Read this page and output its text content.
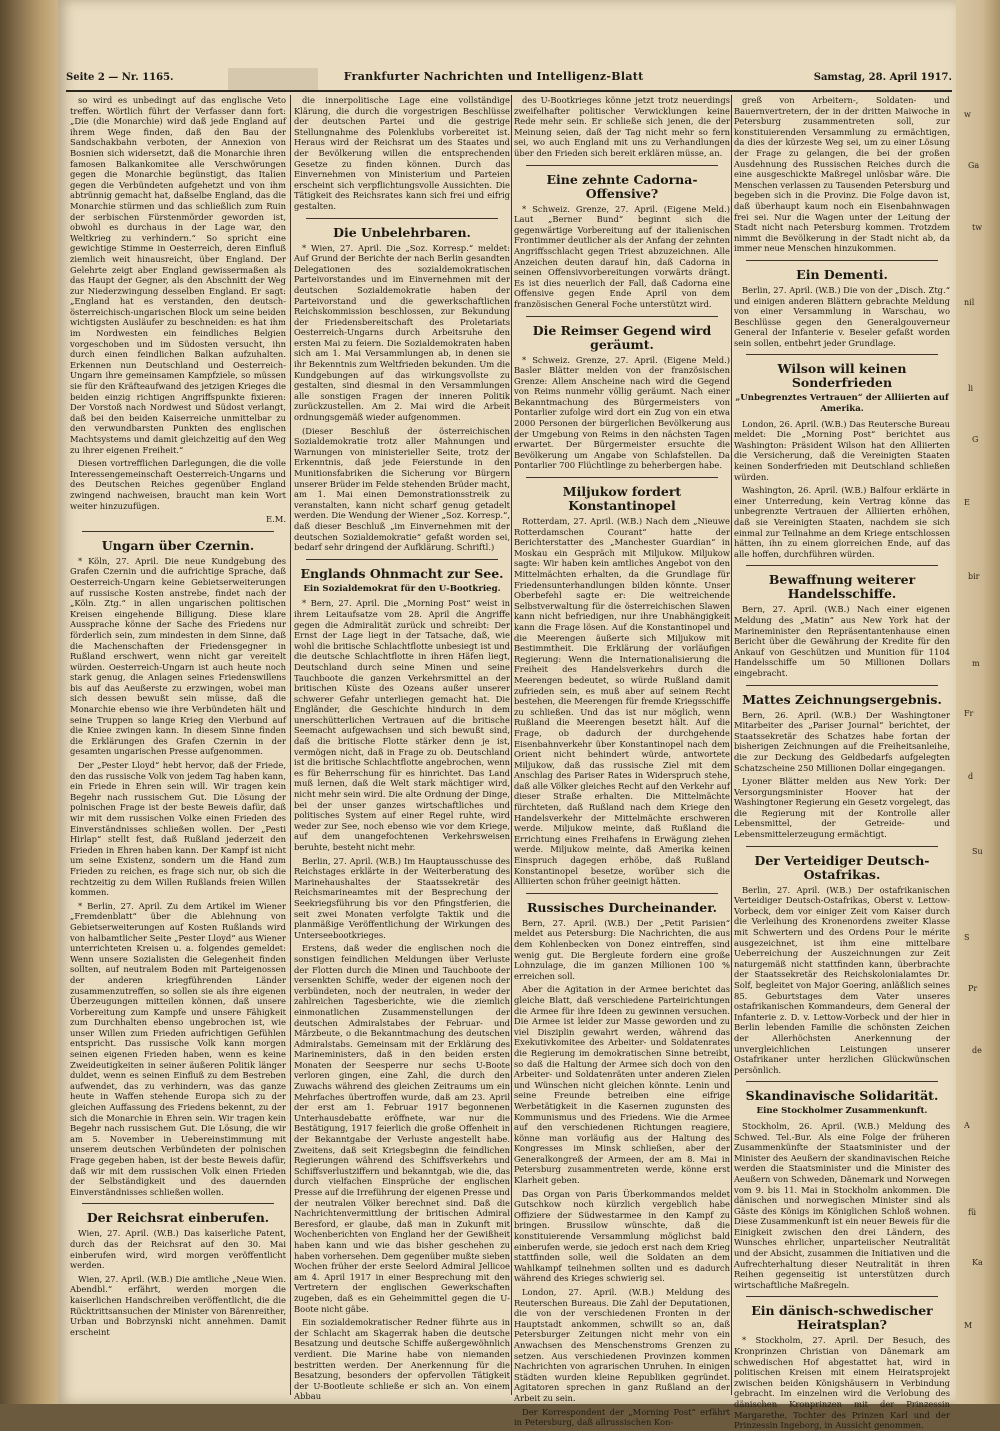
Seite 2 — Nr. 1165.	Frankfurter Nachrichten und Intelligenz-Blatt	Samstag, 28. April 1917.

so wird es unbedingt auf das englische Veto treffen. Wörtlich führt der Verfasser dann fort: „Die (die Monarchie) wird daß jede England auf ihrem Wege finden, daß den Bau der Sandschakbahn verboten, der Annexion von Bosnien sich widersetzt, daß die Monarchie ihren famosen Balkankomitee alle Verschwörungen gegen die Monarchie begünstigt, das Italien gegen die Verbündeten aufgehetzt und von ihm abtrünnig gemacht hat, daßselbe England, das die Monarchie stürmen und das schließlich zum Ruin der serbischen Fürstenmörder geworden ist, obwohl es durchaus in der Lage war, den Weltkrieg zu verhindern.“ So spricht eine gewichtige Stimme in Oesterreich, deren Einfluß ziemlich weit hinausreicht, über England. Der Gelehrte zeigt aber England gewissermaßen als das Haupt der Gegner, als den Abschnitt der Weg zur Niederzwingung desselben England. Er sagt: „England hat es verstanden, den deutsch-österreichisch-ungarischen Block um seine beiden wichtigsten Ausläufer zu beschneiden: es hat ihm im Nordwesten ein feindliches Belgien vorgeschoben und im Südosten versucht, ihn durch einen feindlichen Balkan aufzuhalten. Erkennen nun Deutschland und Oesterreich-Ungarn ihre gemeinsamen Kampfziele, so müssen sie für den Kräfteaufwand des jetzigen Krieges die beiden einzig richtigen Angriffspunkte fixieren: Der Vorstoß nach Nordwest und Südost verlangt, daß bei den beiden Kaiserreiche unmittelbar zu den verwundbarsten Punkten des englischen Machtsystems und damit gleichzeitig auf den Weg zu ihrer eigenen Freiheit.“

Diesen vortrefflichen Darlegungen, die die volle Interessengemeinschaft Oesterreich-Ungarns und des Deutschen Reiches gegenüber England zwingend nachweisen, braucht man kein Wort weiter hinzuzufügen.

E.M.
Ungarn über Czernin.

* Köln, 27. April. Die neue Kundgebung des Grafen Czernin und die aufrichtige Sprache, daß Oesterreich-Ungarn keine Gebietserweiterungen auf russische Kosten anstrebe, findet nach der „Köln. Ztg.“ in allen ungarischen politischen Kreisen eingehende Billigung. Diese klare Aussprache könne der Sache des Friedens nur förderlich sein, zum mindesten in dem Sinne, daß die Machenschaften der Friedensgegner in Rußland erschwert, wenn nicht gar vereitelt würden. Oesterreich-Ungarn ist auch heute noch stark genug, die Anlagen seines Friedenswillens bis auf das Aeußerste zu erzwingen, wobei man sich dessen bewußt sein müsse, daß die Monarchie ebenso wie ihre Verbündeten hält und seine Truppen so lange Krieg den Vierbund auf die Kniee zwingen kann. In diesem Sinne finden die Erklärungen des Grafen Czernin in der gesamten ungarischen Presse aufgenommen.

Der „Pester Lloyd“ hebt hervor, daß der Friede, den das russische Volk von jedem Tag haben kann, ein Friede in Ehren sein will. Wir tragen kein Begehr nach russischem Gut. Die Lösung der polnischen Frage ist der beste Beweis dafür, daß wir mit dem russischen Volke einen Frieden des Einverständnisses schließen wollen. Der „Pesti Hirlap“ stellt fest, daß Rußland jederzeit den Frieden in Ehren haben kann. Der Kampf ist nicht um seine Existenz, sondern um die Hand zum Frieden zu reichen, es frage sich nur, ob sich die rechtzeitig zu dem Willen Rußlands freien Willen kommen.

* Berlin, 27. April. Zu dem Artikel im Wiener „Fremdenblatt“ über die Ablehnung von Gebietserweiterungen auf Kosten Rußlands wird von halbamtlicher Seite „Pester Lloyd“ aus Wiener unterrichteten Kreisen u. a. folgendes gemeldet: Wenn unsere Sozialisten die Gelegenheit finden sollten, auf neutralem Boden mit Parteigenossen der anderen kriegführenden Länder zusammenzutreffen, so sollen sie als ihre eigenen Überzeugungen mitteilen können, daß unsere Vorbereitung zum Kampfe und unsere Fähigkeit zum Durchhalten ebenso ungebrochen ist, wie unser Willen zum Frieden aufrichtigen Gefühlen entspricht. Das russische Volk kann morgen seinen eigenen Frieden haben, wenn es keine Zweideutigkeiten in seiner äußeren Politik länger duldet, wenn es seinen Einfluß zu dem Bestreben aufwendet, das zu verhindern, was das ganze heute in Waffen stehende Europa sich zu der gleichen Auffassung des Friedens bekennt, zu der sich die Monarchie in Ehren sein. Wir tragen kein Begehr nach russischem Gut. Die Lösung, die wir am 5. November in Uebereinstimmung mit unserem deutschen Verbündeten der polnischen Frage gegeben haben, ist der beste Beweis dafür, daß wir mit dem russischen Volk einen Frieden der Selbständigkeit und des dauernden Einverständnisses schließen wollen.

Der Reichsrat einberufen.

Wien, 27. April. (W.B.) Das kaiserliche Patent, durch das der Reichsrat auf den 30. Mai einberufen wird, wird morgen veröffentlicht werden.

Wien, 27. April. (W.B.) Die amtliche „Neue Wien. Abendbl.“ erfährt, werden morgen die kaiserlichen Handschreiben veröffentlicht, die die Rücktrittsansuchen der Minister von Bärenreither, Urban und Bobrzynski nicht annehmen. Damit erscheint

die innerpolitische Lage eine vollständige Klärung, die durch die vorgestrigen Beschlüsse der deutschen Partei und die gestrige Stellungnahme des Polenklubs vorbereitet ist. Heraus wird der Reichsrat um des Staates und der Bevölkerung willen die entsprechenden Gesetze zu finden können. Durch das Einvernehmen von Ministerium und Parteien erscheint sich verpflichtungsvolle Aussichten. Die Tätigkeit des Reichsrates kann sich frei und eifrig gestalten.

Die Unbelehrbaren.

* Wien, 27. April. Die „Soz. Korresp.“ meldet: Auf Grund der Berichte der nach Berlin gesandten Delegationen des sozialdemokratischen Parteivorstandes und im Einvernehmen mit der deutschen Sozialdemokratie haben der Parteivorstand und die gewerkschaftlichen Reichskommission beschlossen, zur Bekundung der Friedensbereitschaft des Proletariats Oesterreich-Ungarns durch Arbeitsruhe den ersten Mai zu feiern. Die Sozialdemokraten haben sich am 1. Mai Versammlungen ab, in denen sie ihr Bekenntnis zum Weltfrieden bekunden. Um die Kundgebungen auf das wirkungsvollste zu gestalten, sind diesmal in den Versammlungen alle sonstigen Fragen der inneren Politik zurückzustellen. Am 2. Mai wird die Arbeit ordnungsgemäß wieder aufgenommen.

(Dieser Beschluß der österreichischen Sozialdemokratie trotz aller Mahnungen und Warnungen von ministerieller Seite, trotz der Erkenntnis, daß jede Feierstunde in den Munitionsfabriken die Sicherung vor Bürgern unserer Brüder im Felde stehenden Brüder macht, am 1. Mai einen Demonstrationsstreik zu veranstalten, kann nicht scharf genug getadelt werden. Die Wendung der Wiener „Soz. Korresp.“, daß dieser Beschluß „im Einvernehmen mit der deutschen Sozialdemokratie“ gefaßt worden sei, bedarf sehr dringend der Aufklärung. Schriftl.)

Englands Ohnmacht zur See.
Ein Sozialdemokrat für den U-Bootkrieg.

* Bern, 27. April. Die „Morning Post“ weist in ihrem Leitaufsatze vom 28. April die Angriffe gegen die Admiralität zurück und schreibt: Der Ernst der Lage liegt in der Tatsache, daß, wie wohl die britische Schlachtflotte unbesiegt ist und die deutsche Schlachtflotte in ihren Häfen liegt, Deutschland durch seine Minen und seine Tauchboote die ganzen Verkehrsmittel an der britischen Küste des Ozeans außer unserer schwerer Gefahr unterliegen gemacht hat. Die Engländer, die Geschichte hindurch in dem unerschütterlichen Vertrauen auf die britische Seemacht aufgewachsen und sich bewußt sind, daß die britische Flotte stärker denn je ist, vermögen nicht, daß in Frage zu ob. Deutschland ist die britische Schlachtflotte angebrochen, wenn es für Beherrschung für es hinrichtet. Das Land muß lernen, daß die Welt stark mächtiger wird, nicht mehr sein wird. Die alte Ordnung der Dinge, bei der unser ganzes wirtschaftliches und politisches System auf einer Regel ruhte, wird weder zur See, noch ebenso wie vor dem Kriege, auf dem unangefochtenen Verkehrsweisen beruhte, besteht nicht mehr.

Berlin, 27. April. (W.B.) Im Hauptausschusse des Reichstages erklärte in der Weiterberatung des Marinehaushaltes der Staatssekretär des Reichsmarineamtes mit der Besprechung der Seekriegsführung bis vor den Pfingstferien, die seit zwei Monaten verfolgte Taktik und die planmäßige Veröffentlichung der Wirkungen des Unterseebootkrieges.

Erstens, daß weder die englischen noch die sonstigen feindlichen Meldungen über Verluste der Flotten durch die Minen und Tauchboote der versenkten Schiffe, weder der eigenen noch der verbündeten, noch der neutralen, in weder der zahlreichen Tagesberichte, wie die ziemlich einmonatlichen Zusammenstellungen der deutschen Admiralstabes der Februar- und Märzbeute, o die Bekanntmachung des deutschen Admiralstabs. Gemeinsam mit der Erklärung des Marineministers, daß in den beiden ersten Monaten der Seesperre nur sechs U-Boote verloren gingen, eine Zahl, die durch den Zuwachs während des gleichen Zeitraums um ein Mehrfaches übertroffen wurde, daß am 23. April der erst am 1. Februar 1917 begonnenen Unterhausdebatte eröffnete, war nur die Bestätigung, 1917 feierlich die große Offenheit in der Bekanntgabe der Verluste angestellt habe. Zweitens, daß seit Kriegsbeginn die feindlichen Regierungen während des Schiffsverkehrs und Schiffsverlustziffern und bekanntgab, wie die, das durch vielfachen Einsprüche der englischen Presse auf die Irreführung der eigenen Presse und der neutralen Völker berechnet sind. Daß die Nachrichtenvermittlung der britischen Admiral Beresford, er glaube, daß man in Zukunft mit Wochenberichten von England her der Gewißheit haben kann und wie das bisher geschehen zu haben vorhersehen. Dem gegenüber mußte sieben Wochen früher der erste Seelord Admiral Jellicoe am 4. April 1917 in einer Besprechung mit den Vertretern der englischen Gewerkschaften zugeben, daß es ein Geheimmittel gegen die U-Boote nicht gäbe.

Ein sozialdemokratischer Redner führte aus in der Schlacht am Skagerrak haben die deutsche Besatzung und deutsche Schiffe außergewöhnlich verdient. Die Marine habe von niemanden bestritten werden. Der Anerkennung für die Besatzung, besonders der opfervollen Tätigkeit der U-Bootleute schließe er sich an. Von einem Abbau

des U-Bootkrieges könne jetzt trotz neuerdings zweifelhafter politischer Verwicklungen keine Rede mehr sein. Er schließe sich jenen, die der Meinung seien, daß der Tag nicht mehr so fern sei, wo auch England mit uns zu Verhandlungen über den Frieden sich bereit erklären müsse, an.

Eine zehnte Cadorna-Offensive?

* Schweiz. Grenze, 27. April. (Eigene Meld.) Laut „Berner Bund“ beginnt sich die gegenwärtige Vorbereitung auf der italienischen Frontimmer deutlicher als der Anfang der zehnten Angriffsschlacht gegen Triest abzuzeichnen. Alle Anzeichen deuten darauf hin, daß Cadorna in seinen Offensivvorbereitungen vorwärts drängt. Es ist dies neuerlich der Fall, daß Cadorna eine Offensive gegen Ende April von dem französischen General Foche unterstützt wird.

Die Reimser Gegend wird geräumt.

* Schweiz. Grenze, 27. April. (Eigene Meld.) Basler Blätter melden von der französischen Grenze: Allem Anscheine nach wird die Gegend von Reims nunmehr völlig geräumt. Nach einer Bekanntmachung des Bürgermeisters von Pontarlier zufolge wird dort ein Zug von ein etwa 2000 Personen der bürgerlichen Bevölkerung aus der Umgebung von Reims in den nächsten Tagen erwartet. Der Bürgermeister ersuchte die Bevölkerung um Angabe von Schlafstellen. Da Pontarlier 700 Flüchtlinge zu beherbergen habe.

Miljukow fordert Konstantinopel

Rotterdam, 27. April. (W.B.) Nach dem „Nieuwe Rotterdamschen Courant“ hatte der Berichterstatter des „Manchester Guardian“ in Moskau ein Gespräch mit Miljukow. Miljukow sagte: Wir haben kein amtliches Angebot von den Mittelmächten erhalten, da die Grundlage für Friedensunterhandlungen bilden könnte. Unser Oberbefehl sagte er: Die weitreichende Selbstverwaltung für die österreichischen Slawen kann nicht befriedigen, nur ihre Unabhängigkeit kann die Frage lösen. Auf die Konstantinopel und die Meerengen äußerte sich Miljukow mit Bestimmtheit. Die Erklärung der vorläufigen Regierung: Wenn die Internationalisierung die Freiheit des Handelsverkehrs durch die Meerengen bedeutet, so würde Rußland damit zufrieden sein, es muß aber auf seinem Recht bestehen, die Meerengen für fremde Kriegsschiffe zu schließen. Und das ist nur möglich, wenn Rußland die Meerengen besetzt hält. Auf die Frage, ob dadurch der durchgehende Eisenbahnverkehr über Konstantinopel nach dem Orient nicht behindert würde, antwortete Miljukow, daß das russische Ziel mit dem Anschlag des Pariser Rates in Widerspruch stehe, daß alle Völker gleiches Recht auf den Verkehr auf dieser Straße erhalten. Die Mittelmächte fürchteten, daß Rußland nach dem Kriege den Handelsverkehr der Mittelmächte erschweren werde. Miljukow meinte, daß Rußland die Errichtung eines Freihafens in Erwägung ziehen werde. Miljukow meinte, daß Amerika keinen Einspruch dagegen erhöbe, daß Rußland Konstantinopel besetze, worüber sich die Alliierten schon früher geeinigt hätten.

Russisches Durcheinander.

Bern, 27. April. (W.B.) Der „Petit Parisien“ meldet aus Petersburg: Die Nachrichten, die aus dem Kohlenbecken von Donez eintreffen, sind wenig gut. Die Bergleute fordern eine große Lohnzulage, die im ganzen Millionen 100 % erreichen soll.

Aber die Agitation in der Armee berichtet das gleiche Blatt, daß verschiedene Parteirichtungen die Armee für ihre Ideen zu gewinnen versuchen. Die Armee ist leider zur Masse geworden und zu viel Disziplin gewahrt werden, während das Exekutivkomitee des Arbeiter- und Soldatenrates die Regierung im demokratischen Sinne betreibt, so daß die Haltung der Armee sich doch von den Arbeiter- und Soldatenräten unter anderen Zielen und Wünschen nicht gleichen könnte. Lenin und seine Freunde betreiben eine eifrige Werbetätigkeit in die Kasernen zugunsten des Kommunismus und des Friedens. Wie die Armee auf den verschiedenen Richtungen reagiere, könne man vorläufig aus der Haltung des Kongresses im Minsk schließen, aber der Generalkongreß der Armeen, der am 8. Mai in Petersburg zusammentreten werde, könne erst Klarheit geben.

Das Organ von Paris Überkommandos meldet Gutschkow noch kürzlich vergeblich habe Offiziere der Südwestarmee in den Kampf zu bringen. Brussilow wünschte, daß die konstituierende Versammlung möglichst bald einberufen werde, sie jedoch erst nach dem Krieg stattfinden solle, weil die Soldaten an dem Wahlkampf teilnehmen sollten und es dadurch während des Krieges schwierig sei.

London, 27. April. (W.B.) Meldung des Reuterschen Bureaus. Die Zahl der Deputationen, die von der verschiedenen Fronten in der Hauptstadt ankommen, schwillt so an, daß Petersburger Zeitungen nicht mehr von ein Anwachsen des Menschenstroms Grenzen zu setzen. Aus verschiedenen Provinzen kommen Nachrichten von agrarischen Unruhen. In einigen Städten wurden kleine Republiken gegründet. Agitatoren sprechen in ganz Rußland an der Arbeit zu sein.

Der Korrespondent der „Morning Post“ erfährt in Petersburg, daß allrussischen Kon-

greß von Arbeitern-, Soldaten- und Bauernvertretern, der in der dritten Maiwoche in Petersburg zusammentreten soll, zur konstituierenden Versammlung zu ermächtigen, da dies der kürzeste Weg sei, um zu einer Lösung der Frage zu gelangen, die bei der großen Ausdehnung des Russischen Reiches durch die eine ausgeschickte Maßregel unlösbar wäre. Die Menschen verlassen zu Tausenden Petersburg und begeben sich in die Provinz. Die Folge davon ist, daß überhaupt kaum noch ein Eisenbahnwagen frei sei. Nur die Wagen unter der Leitung der Stadt nicht nach Petersburg kommen. Trotzdem nimmt die Bevölkerung in der Stadt nicht ab, da immer neue Menschen hinzukommen.

Ein Dementi.

Berlin, 27. April. (W.B.) Die von der „Disch. Ztg.“ und einigen anderen Blättern gebrachte Meldung von einer Versammlung in Warschau, wo Beschlüsse gegen den Generalgouverneur General der Infanterie v. Beseler gefaßt worden sein sollen, entbehrt jeder Grundlage.

Wilson will keinen Sonderfrieden
„Unbegrenztes Vertrauen“ der Alliierten auf Amerika.

London, 26. April. (W.B.) Das Reutersche Bureau meldet: Die „Morning Post“ berichtet aus Washington: Präsident Wilson hat den Alliierten die Versicherung, daß die Vereinigten Staaten keinen Sonderfrieden mit Deutschland schließen würden.

Washington, 26. April. (W.B.) Balfour erklärte in einer Unterredung, kein Vertrag könne das unbegrenzte Vertrauen der Alliierten erhöhen, daß sie Vereinigten Staaten, nachdem sie sich einmal zur Teilnahme an dem Kriege entschlossen hätten, ihn zu einem glorreichen Ende, auf das alle hoffen, durchführen würden.

Bewaffnung weiterer Handelsschiffe.

Bern, 27. April. (W.B.) Nach einer eigenen Meldung des „Matin“ aus New York hat der Marineminister den Repräsentantenhause einen Bericht über die Gewährung der Kredite für den Ankauf von Geschützen und Munition für 1104 Handelsschiffe um 50 Millionen Dollars eingebracht.

Mattes Zeichnungsergebnis.

Bern, 26. April. (W.B.) Der Washingtoner Mitarbeiter des „Pariser Journal“ berichtet, der Staatssekretär des Schatzes habe fortan der bisherigen Zeichnungen auf die Freiheitsanleihe, die zur Deckung des Geldbedarfs aufgelegten Schatzscheine 250 Millionen Dollar eingegangen.

Lyoner Blätter melden aus New York: Der Versorgungsminister Hoover hat der Washingtoner Regierung ein Gesetz vorgelegt, das die Regierung mit der Kontrolle aller Lebensmittel, der Getreide- und Lebensmittelerzeugung ermächtigt.

Der Verteidiger Deutsch-Ostafrikas.

Berlin, 27. April. (W.B.) Der ostafrikanischen Verteidiger Deutsch-Ostafrikas, Oberst v. Lettow-Vorbeck, dem vor einiger Zeit vom Kaiser durch die Verleihung des Kronenordens zweiter Klasse mit Schwertern und des Ordens Pour le mérite ausgezeichnet, ist ihm eine mittelbare Ueberreichung der Auszeichnungen zur Zeit naturgemäß nicht stattfinden kann, überbrachte der Staatssekretär des Reichskolonialamtes Dr. Solf, begleitet von Major Goering, anläßlich seines 85. Geburtstages dem Vater unseres ostafrikanischen Kommandeurs, dem General der Infanterie z. D. v. Lettow-Vorbeck und der hier in Berlin lebenden Familie die schönsten Zeichen der Allerhöchsten Anerkennung der unvergleichlichen Leistungen unserer Ostafrikaner unter herzlichen Glückwünschen persönlich.

Skandinavische Solidarität.
Eine Stockholmer Zusammenkunft.

Stockholm, 26. April. (W.B.) Meldung des Schwed. Tel.-Bur. Als eine Folge der früheren Zusammenkünfte der Staatsminister und der Minister des Aeußern der skandinavischen Reiche werden die Staatsminister und die Minister des Aeußern von Schweden, Dänemark und Norwegen vom 9. bis 11. Mai in Stockholm ankommen. Die dänischen und norwegischen Minister sind als Gäste des Königs im Königlichen Schloß wohnen. Diese Zusammenkunft ist ein neuer Beweis für die Einigkeit zwischen den drei Ländern, des Wunsches ehrlicher, unparteiischer Neutralität und der Absicht, zusammen die Initiativen und die Aufrechterhaltung dieser Neutralität in ihren Reihen gegenseitig ist unterstützen durch wirtschaftliche Maßregeln.

Ein dänisch-schwedischer Heiratsplan?

* Stockholm, 27. April. Der Besuch, des Kronprinzen Christian von Dänemark am schwedischen Hof abgestattet hat, wird in politischen Kreisen mit einem Heiratsprojekt zwischen beiden Königshäusern in Verbindung gebracht. Im einzelnen wird die Verlobung des dänischen Kronprinzen mit der Prinzessin Margarethe, Tochter des Prinzen Karl und der Prinzessin Ingeborg, in Aussicht genommen.

w
Ga
tw
nil
li
G
E
bir
m
Fr
d
Su
S
Pr
de
A
fü
Ka
M
